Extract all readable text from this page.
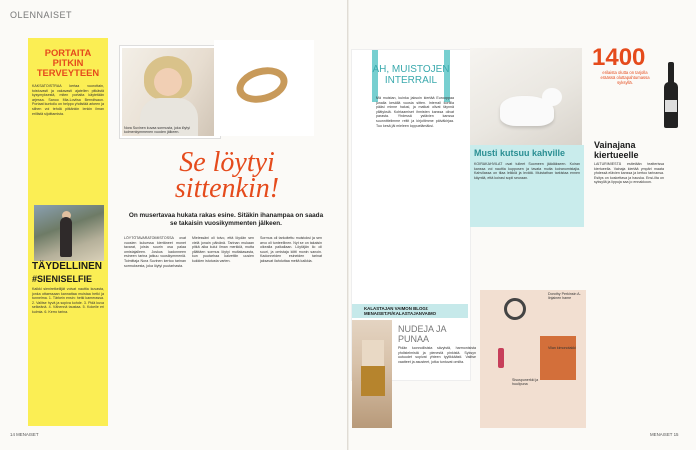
OLENNAISET
PORTAITA PITKIN TERVEYTEEN
KAKSATOISTRAA kertaa vuorottain, toistuvasti ja vakavasti ajatellen pitkästä kysymyksestä, miten portaita käytetään arjessa. Sanoo Mia-Loviisa Berndtsaun. Portaat kuntoilu on helppo yhdistää arkeen ja siihen voi tehdä pitkänkin lenkin ilman erillistä sijoittamista.
TÄYDELLINEN
#SIENISELFIE
Kaikki sieniretkeilijät voivat nauttia kuvasta, jonka ottaessaan kannattaa muistaa hetki ja tunnelma. 1. Tärkein ensin: hetki kamerassa. 2. Valitse hyvä ja sopiva kohde. 3. Pidä kuva selkeänä. 4. Vähennä taustaa. 5. Kokeile eri kulmia. 6. Kerro tarina.
Nora Suvinen kuvaa sormusta, joka löytyi kolmenkymmenen vuoden jälkeen.
Se löytyi sittenkin!
On musertavaa hukata rakas esine. Sitäkin ihanampaa on saada se takaisin vuosikymmenten jälkeen.
LÖYTÖTAVARATOIMISTOSSA ovat vuosien kuluessa kiertäneet monet tavarat, joista suurin osa palaa omistajalleen. Joskus kadonneen esineen tarina jatkuu vuosikymmeniä. Toimittaja Nora Suvinen kertoo tarinan sormuksesta, joka löytyi puutarhasta.
Mielessäni oli toivo, että löydän sen vielä jonain päivänä. Tarinan mukaan pitkä aika kului ilman merkkiä, mutta yllättäen sormus löytyi multakasasta, kun puutarhaa kaivettiin uusien kukkien istutusta varten.
Sormus oli tarkoitettu muistoksi ja sen arvo oli tunteellinen. Nyt se on takaisin oikealla paikallaan. Löytäjän ilo oli suuri, ja omistaja kiitti monin sanoin. Kadonneiden esineiden tarinat jaksavat ilahduttaa meitä kaikkia.
AH, MUISTOJEN INTERRAIL
Mä muistan, kuinka jaksoin kiertää Eurooppaa junalla kesällä vuosia sitten. Interrail kortilla pääsi minne halusi, ja matkat olivat täynnä yllätyksiä. Kohtaamiset ihmisten kanssa olivat parasta. Yhdessä ystävien kanssa suunnittelimme reitit ja kirjoitimme päiväkirjaa. Tuo kesä jäi mieleen loppuelämäksi.
Musti kutsuu kahville
KOIRAKAHVILAT ovat tulleet Suomeen jäädäkseen. Koiran kanssa voi nauttia kupposen ja tavata muita koiranomistajia. Kahvilassa on tilaa leikkiä ja levätä. Muistathan tarkistaa ennen käyntiä, että koirasi sopii seuraan.
1400
erilaista olutta on tarjolla eräässä oluttapahtumassa syksyllä.
Vainajana kiertueelle
LAITURIMIESTÄ esitetään teatterissa kiertueella. Vainaja kiertää ympäri maata yhdessä elävien kanssa ja kertoo tarinansa. Esitys on koskettava ja hauska. Ensi-ilta on syksyllä ja lippuja saa jo ennakkoon.
KALASTAJAN VAIMON BLOGI: MENAISET.FI/KALASTAJANVAIMO
NUDEJA JA PUNAA
Pidän luonnollisista sävyistä, harmonisista yhdistelmistä ja pienestä pinkistä. Syksyn uutuudet sopivat yhteen tyylikkäästi. Valitse vaatteet ja asusteet, jotka tuntuvat omilta.
Dorothy Perkinsin A-linjainen hame
Sisuspunerkki ja huulipuna
Vilan kimonotakki
14 MENAISET	MENAISET 15
